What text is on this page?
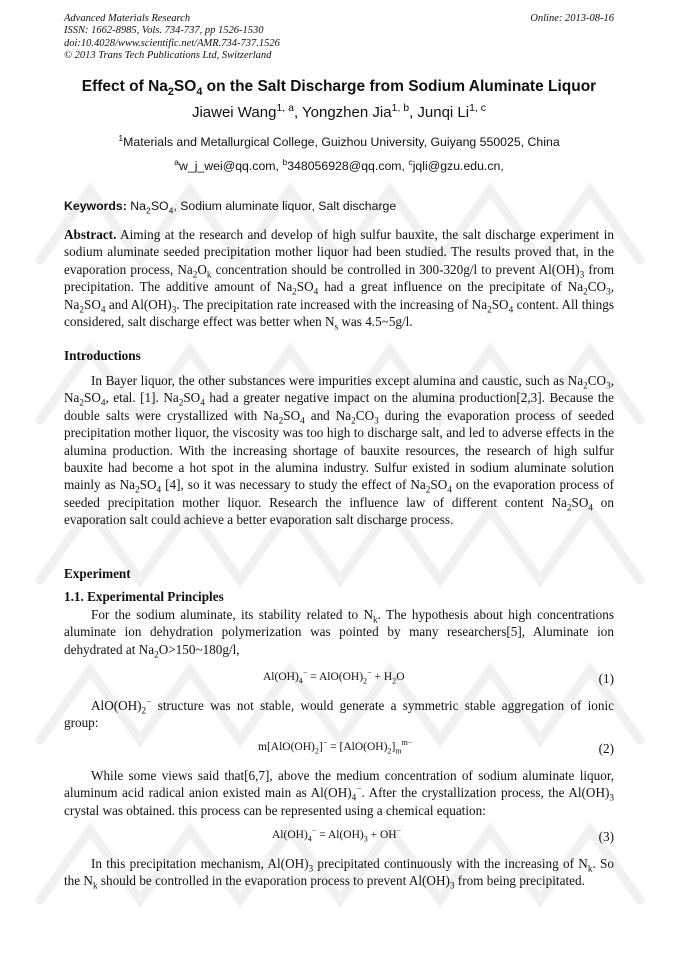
Advanced Materials Research
ISSN: 1662-8985, Vols. 734-737, pp 1526-1530
doi:10.4028/www.scientific.net/AMR.734-737.1526
© 2013 Trans Tech Publications Ltd, Switzerland
Online: 2013-08-16
Effect of $Na_2SO_4$ on the Salt Discharge from Sodium Aluminate Liquor
Jiawei Wang$^{1, a}$, Yongzhen Jia$^{1, b}$, Junqi Li$^{1, c}$
$^1$Materials and Metallurgical College, Guizhou University, Guiyang 550025, China
$^a$w_j_wei@qq.com, $^b$348056928@qq.com, $^c$jqli@gzu.edu.cn,
Keywords: $Na_2SO_4$, Sodium aluminate liquor, Salt discharge

Abstract. Aiming at the research and develop of high sulfur bauxite, the salt discharge experiment in sodium aluminate seeded precipitation mother liquor had been studied. The results proved that, in the evaporation process, $Na_2O_k$ concentration should be controlled in 300-320g/l to prevent $Al(OH)_3$ from precipitation. The additive amount of $Na_2SO_4$ had a great influence on the precipitate of $Na_2CO_3$, $Na_2SO_4$ and $Al(OH)_3$. The precipitation rate increased with the increasing of $Na_2SO_4$ content. All things considered, salt discharge effect was better when $N_s$ was 4.5~5g/l.

Introductions

In Bayer liquor, the other substances were impurities except alumina and caustic, such as $Na_2CO_3$, $Na_2SO_4$, etal. [1]. $Na_2SO_4$ had a greater negative impact on the alumina production[2,3]. Because the double salts were crystallized with $Na_2SO_4$ and $Na_2CO_3$ during the evaporation process of seeded precipitation mother liquor, the viscosity was too high to discharge salt, and led to adverse effects in the alumina production. With the increasing shortage of bauxite resources, the research of high sulfur bauxite had become a hot spot in the alumina industry. Sulfur existed in sodium aluminate solution mainly as $Na_2SO_4$ [4], so it was necessary to study the effect of $Na_2SO_4$ on the evaporation process of seeded precipitation mother liquor. Research the influence law of different content $Na_2SO_4$ on evaporation salt could achieve a better evaporation salt discharge process.

Experiment
1.1. Experimental Principles

For the sodium aluminate, its stability related to $N_k$. The hypothesis about high concentrations aluminate ion dehydration polymerization was pointed by many researchers[5], Aluminate ion dehydrated at $Na_2O>150\sim 180g/l$,

$Al(OH)_4^- = AlO(OH)_2^- + H_2O$	(1)

$AlO(OH)_2^-$ structure was not stable, would generate a symmetric stable aggregation of ionic group:

$m[AlO(OH)_2]^- = [AlO(OH)_2]_m^{m-}$	(2)

While some views said that[6,7], above the medium concentration of sodium aluminate liquor, aluminum acid radical anion existed main as $Al(OH)_4^-$. After the crystallization process, the $Al(OH)_3$ crystal was obtained. this process can be represented using a chemical equation:

$Al(OH)_4^- = Al(OH)_3 + OH^-$	(3)

In this precipitation mechanism, $Al(OH)_3$ precipitated continuously with the increasing of $N_k$. So the $N_k$ should be controlled in the evaporation process to prevent $Al(OH)_3$ from being precipitated.
